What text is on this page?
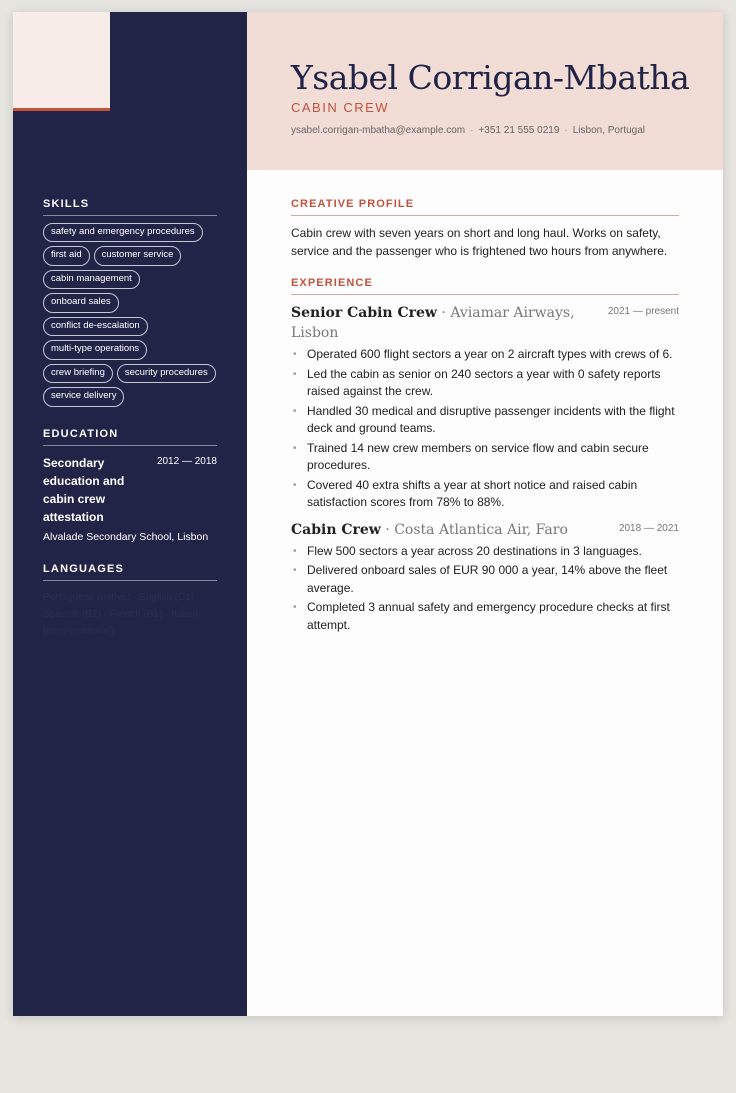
SKILLS
safety and emergency procedures
first aid	customer service
cabin management
onboard sales
conflict de-escalation
multi-type operations
crew briefing	security procedures
service delivery
EDUCATION
Secondary education and cabin crew attestation
2012 — 2018
Alvalade Secondary School, Lisbon
LANGUAGES
Portuguese (native) · English (C1) · Spanish (B2) · French (B1) · Italian (conversational)
Ysabel Corrigan-Mbatha
CABIN CREW
ysabel.corrigan-mbatha@example.com · +351 21 555 0219 · Lisbon, Portugal
CREATIVE PROFILE
Cabin crew with seven years on short and long haul. Works on safety, service and the passenger who is frightened two hours from anywhere.
EXPERIENCE
Senior Cabin Crew · Aviamar Airways, Lisbon
2021 — present
• Operated 600 flight sectors a year on 2 aircraft types with crews of 6.
• Led the cabin as senior on 240 sectors a year with 0 safety reports raised against the crew.
• Handled 30 medical and disruptive passenger incidents with the flight deck and ground teams.
• Trained 14 new crew members on service flow and cabin secure procedures.
• Covered 40 extra shifts a year at short notice and raised cabin satisfaction scores from 78% to 88%.
Cabin Crew · Costa Atlantica Air, Faro	2018 — 2021
• Flew 500 sectors a year across 20 destinations in 3 languages.
• Delivered onboard sales of EUR 90 000 a year, 14% above the fleet average.
• Completed 3 annual safety and emergency procedure checks at first attempt.
